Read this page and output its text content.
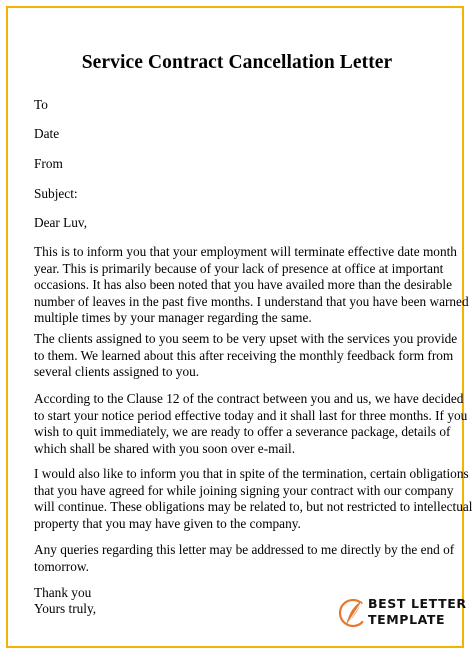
Service Contract Cancellation Letter
To
Date
From
Subject:
Dear Luv,
This is to inform you that your employment will terminate effective date month
year. This is primarily because of your lack of presence at office at important
occasions. It has also been noted that you have availed more than the desirable
number of leaves in the past five months. I understand that you have been warned
multiple times by your manager regarding the same.
The clients assigned to you seem to be very upset with the services you provide
to them. We learned about this after receiving the monthly feedback form from
several clients assigned to you.
According to the Clause 12 of the contract between you and us, we have decided
to start your notice period effective today and it shall last for three months. If you
wish to quit immediately, we are ready to offer a severance package, details of
which shall be shared with you soon over e-mail.
I would also like to inform you that in spite of the termination, certain obligations
that you have agreed for while joining signing your contract with our company
will continue. These obligations may be related to, but not restricted to intellectual
property that you may have given to the company.
Any queries regarding this letter may be addressed to me directly by the end of
tomorrow.
Thank you
Yours truly,	BEST LETTER
TEMPLATE
